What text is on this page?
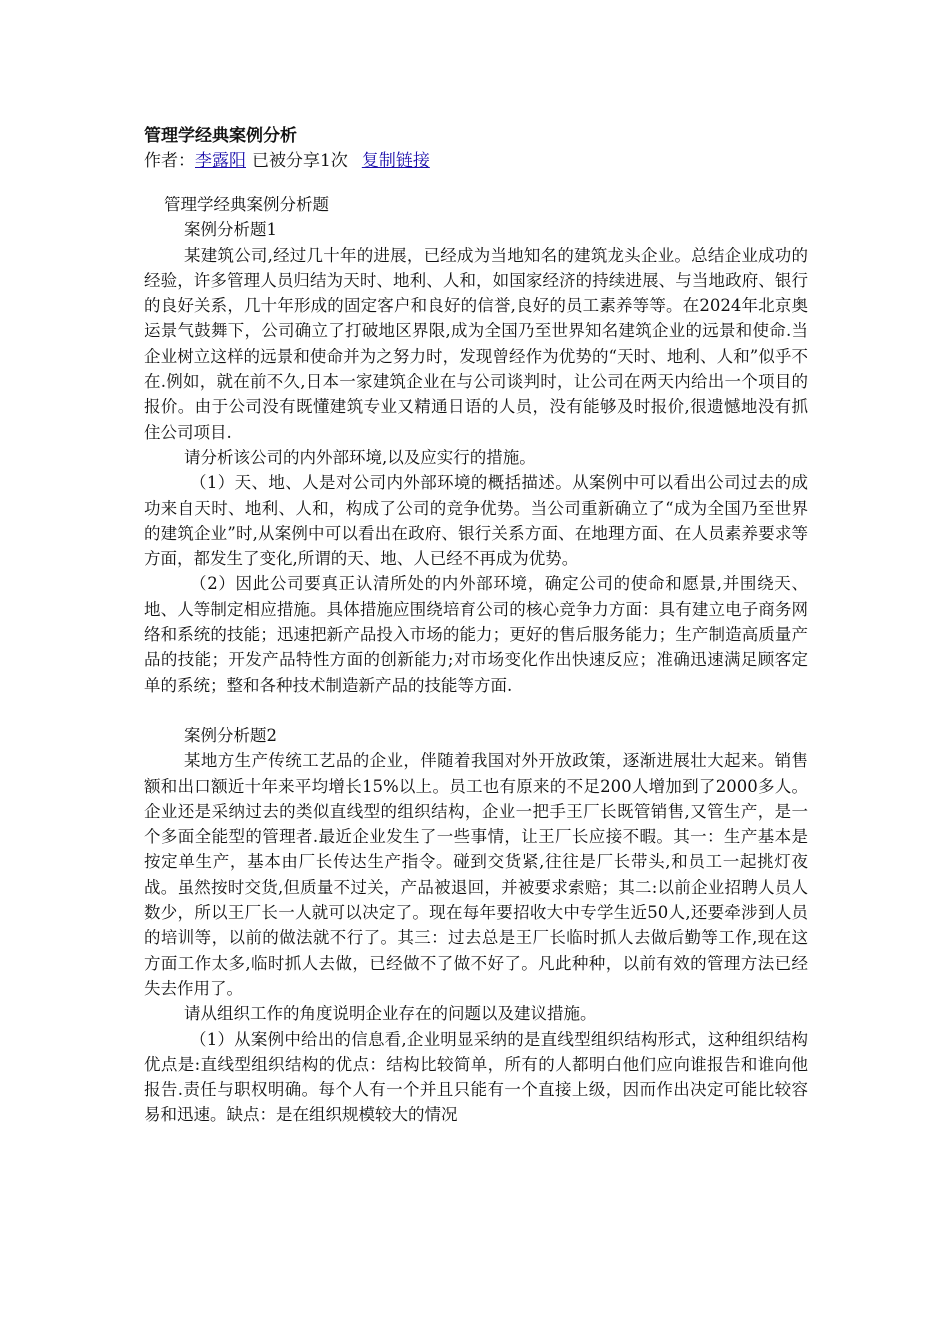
管理学经典案例分析
作者：李露阳 已被分享1次 复制链接

管理学经典案例分析题

案例分析题1

某建筑公司,经过几十年的进展，已经成为当地知名的建筑龙头企业。总结企业成功的经验，许多管理人员归结为天时、地利、人和，如国家经济的持续进展、与当地政府、银行的良好关系，几十年形成的固定客户和良好的信誉,良好的员工素养等等。在2024年北京奥运景气鼓舞下，公司确立了打破地区界限,成为全国乃至世界知名建筑企业的远景和使命.当企业树立这样的远景和使命并为之努力时，发现曾经作为优势的“天时、地利、人和”似乎不在.例如，就在前不久,日本一家建筑企业在与公司谈判时，让公司在两天内给出一个项目的报价。由于公司没有既懂建筑专业又精通日语的人员，没有能够及时报价,很遗憾地没有抓住公司项目.

请分析该公司的内外部环境,以及应实行的措施。

（1）天、地、人是对公司内外部环境的概括描述。从案例中可以看出公司过去的成功来自天时、地利、人和，构成了公司的竞争优势。当公司重新确立了“成为全国乃至世界的建筑企业”时,从案例中可以看出在政府、银行关系方面、在地理方面、在人员素养要求等方面，都发生了变化,所谓的天、地、人已经不再成为优势。

（2）因此公司要真正认清所处的内外部环境，确定公司的使命和愿景,并围绕天、地、人等制定相应措施。具体措施应围绕培育公司的核心竞争力方面：具有建立电子商务网络和系统的技能；迅速把新产品投入市场的能力；更好的售后服务能力；生产制造高质量产品的技能；开发产品特性方面的创新能力;对市场变化作出快速反应；准确迅速满足顾客定单的系统；整和各种技术制造新产品的技能等方面.

案例分析题2

某地方生产传统工艺品的企业，伴随着我国对外开放政策，逐渐进展壮大起来。销售额和出口额近十年来平均增长15%以上。员工也有原来的不足200人增加到了2000多人。企业还是采纳过去的类似直线型的组织结构，企业一把手王厂长既管销售,又管生产，是一个多面全能型的管理者.最近企业发生了一些事情，让王厂长应接不暇。其一：生产基本是按定单生产，基本由厂长传达生产指令。碰到交货紧,往往是厂长带头,和员工一起挑灯夜战。虽然按时交货,但质量不过关，产品被退回，并被要求索赔；其二:以前企业招聘人员人数少，所以王厂长一人就可以决定了。现在每年要招收大中专学生近50人,还要牵涉到人员的培训等，以前的做法就不行了。其三：过去总是王厂长临时抓人去做后勤等工作,现在这方面工作太多,临时抓人去做，已经做不了做不好了。凡此种种，以前有效的管理方法已经失去作用了。

请从组织工作的角度说明企业存在的问题以及建议措施。

（1）从案例中给出的信息看,企业明显采纳的是直线型组织结构形式，这种组织结构优点是:直线型组织结构的优点：结构比较简单，所有的人都明白他们应向谁报告和谁向他报告.责任与职权明确。每个人有一个并且只能有一个直接上级，因而作出决定可能比较容易和迅速。缺点：是在组织规模较大的情况
